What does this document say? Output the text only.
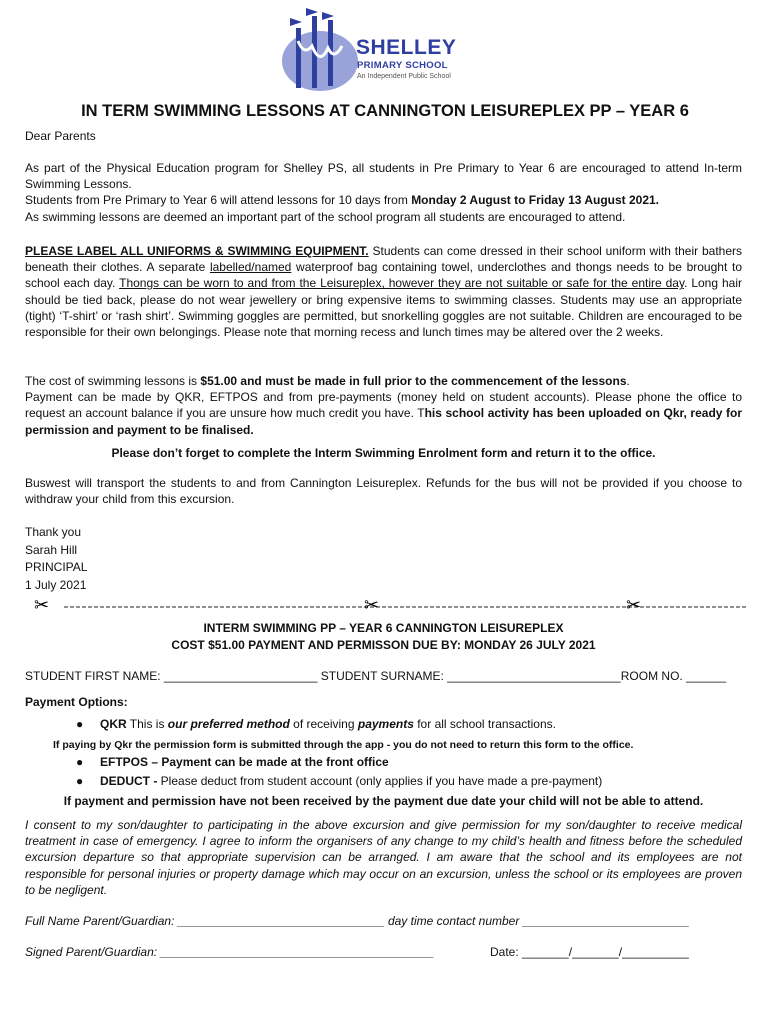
SHELLEY
PRIMARY SCHOOL
An Independent Public School
IN TERM SWIMMING LESSONS AT CANNINGTON LEISUREPLEX PP – YEAR 6

Dear Parents

As part of the Physical Education program for Shelley PS, all students in Pre Primary to Year 6 are encouraged to attend In-term Swimming Lessons.
Students from Pre Primary to Year 6 will attend lessons for 10 days from Monday 2 August to Friday 13 August 2021.
As swimming lessons are deemed an important part of the school program all students are encouraged to attend.
PLEASE LABEL ALL UNIFORMS & SWIMMING EQUIPMENT. Students can come dressed in their school uniform with their bathers beneath their clothes. A separate labelled/named waterproof bag containing towel, underclothes and thongs needs to be brought to school each day. Thongs can be worn to and from the Leisureplex, however they are not suitable or safe for the entire day. Long hair should be tied back, please do not wear jewellery or bring expensive items to swimming classes. Students may use an appropriate (tight) ‘T-shirt’ or ‘rash shirt’. Swimming goggles are permitted, but snorkelling goggles are not suitable. Children are encouraged to be responsible for their own belongings. Please note that morning recess and lunch times may be altered over the 2 weeks.
The cost of swimming lessons is $51.00 and must be made in full prior to the commencement of the lessons.
Payment can be made by QKR, EFTPOS and from pre-payments (money held on student accounts). Please phone the office to request an account balance if you are unsure how much credit you have. This school activity has been uploaded on Qkr, ready for permission and payment to be finalised.

Please don’t forget to complete the Interm Swimming Enrolment form and return it to the office.

Buswest will transport the students to and from Cannington Leisureplex. Refunds for the bus will not be provided if you choose to withdraw your child from this excursion.

Thank you
Sarah Hill
PRINCIPAL
1 July 2021
✂	✂	✂

INTERM SWIMMING PP – YEAR 6 CANNINGTON LEISUREPLEX

COST $51.00 PAYMENT AND PERMISSON DUE BY: MONDAY 26 JULY 2021

STUDENT FIRST NAME: _______________________ STUDENT SURNAME: __________________________ROOM NO. ______

Payment Options:

● QKR This is our preferred method of receiving payments for all school transactions.

If paying by Qkr the permission form is submitted through the app - you do not need to return this form to the office.

● EFTPOS – Payment can be made at the front office
● DEDUCT - Please deduct from student account (only applies if you have made a pre-payment)

If payment and permission have not been received by the payment due date your child will not be able to attend.

I consent to my son/daughter to participating in the above excursion and give permission for my son/daughter to receive medical treatment in case of emergency. I agree to inform the organisers of any change to my child’s health and fitness before the scheduled excursion departure so that appropriate supervision can be arranged. I am aware that the school and its employees are not responsible for personal injuries or property damage which may occur on an excursion, unless the school or its employees are proven to be negligent.

Full Name Parent/Guardian: _______________________________ day time contact number _________________________

Signed Parent/Guardian: _________________________________________	Date: _______/_______/__________
